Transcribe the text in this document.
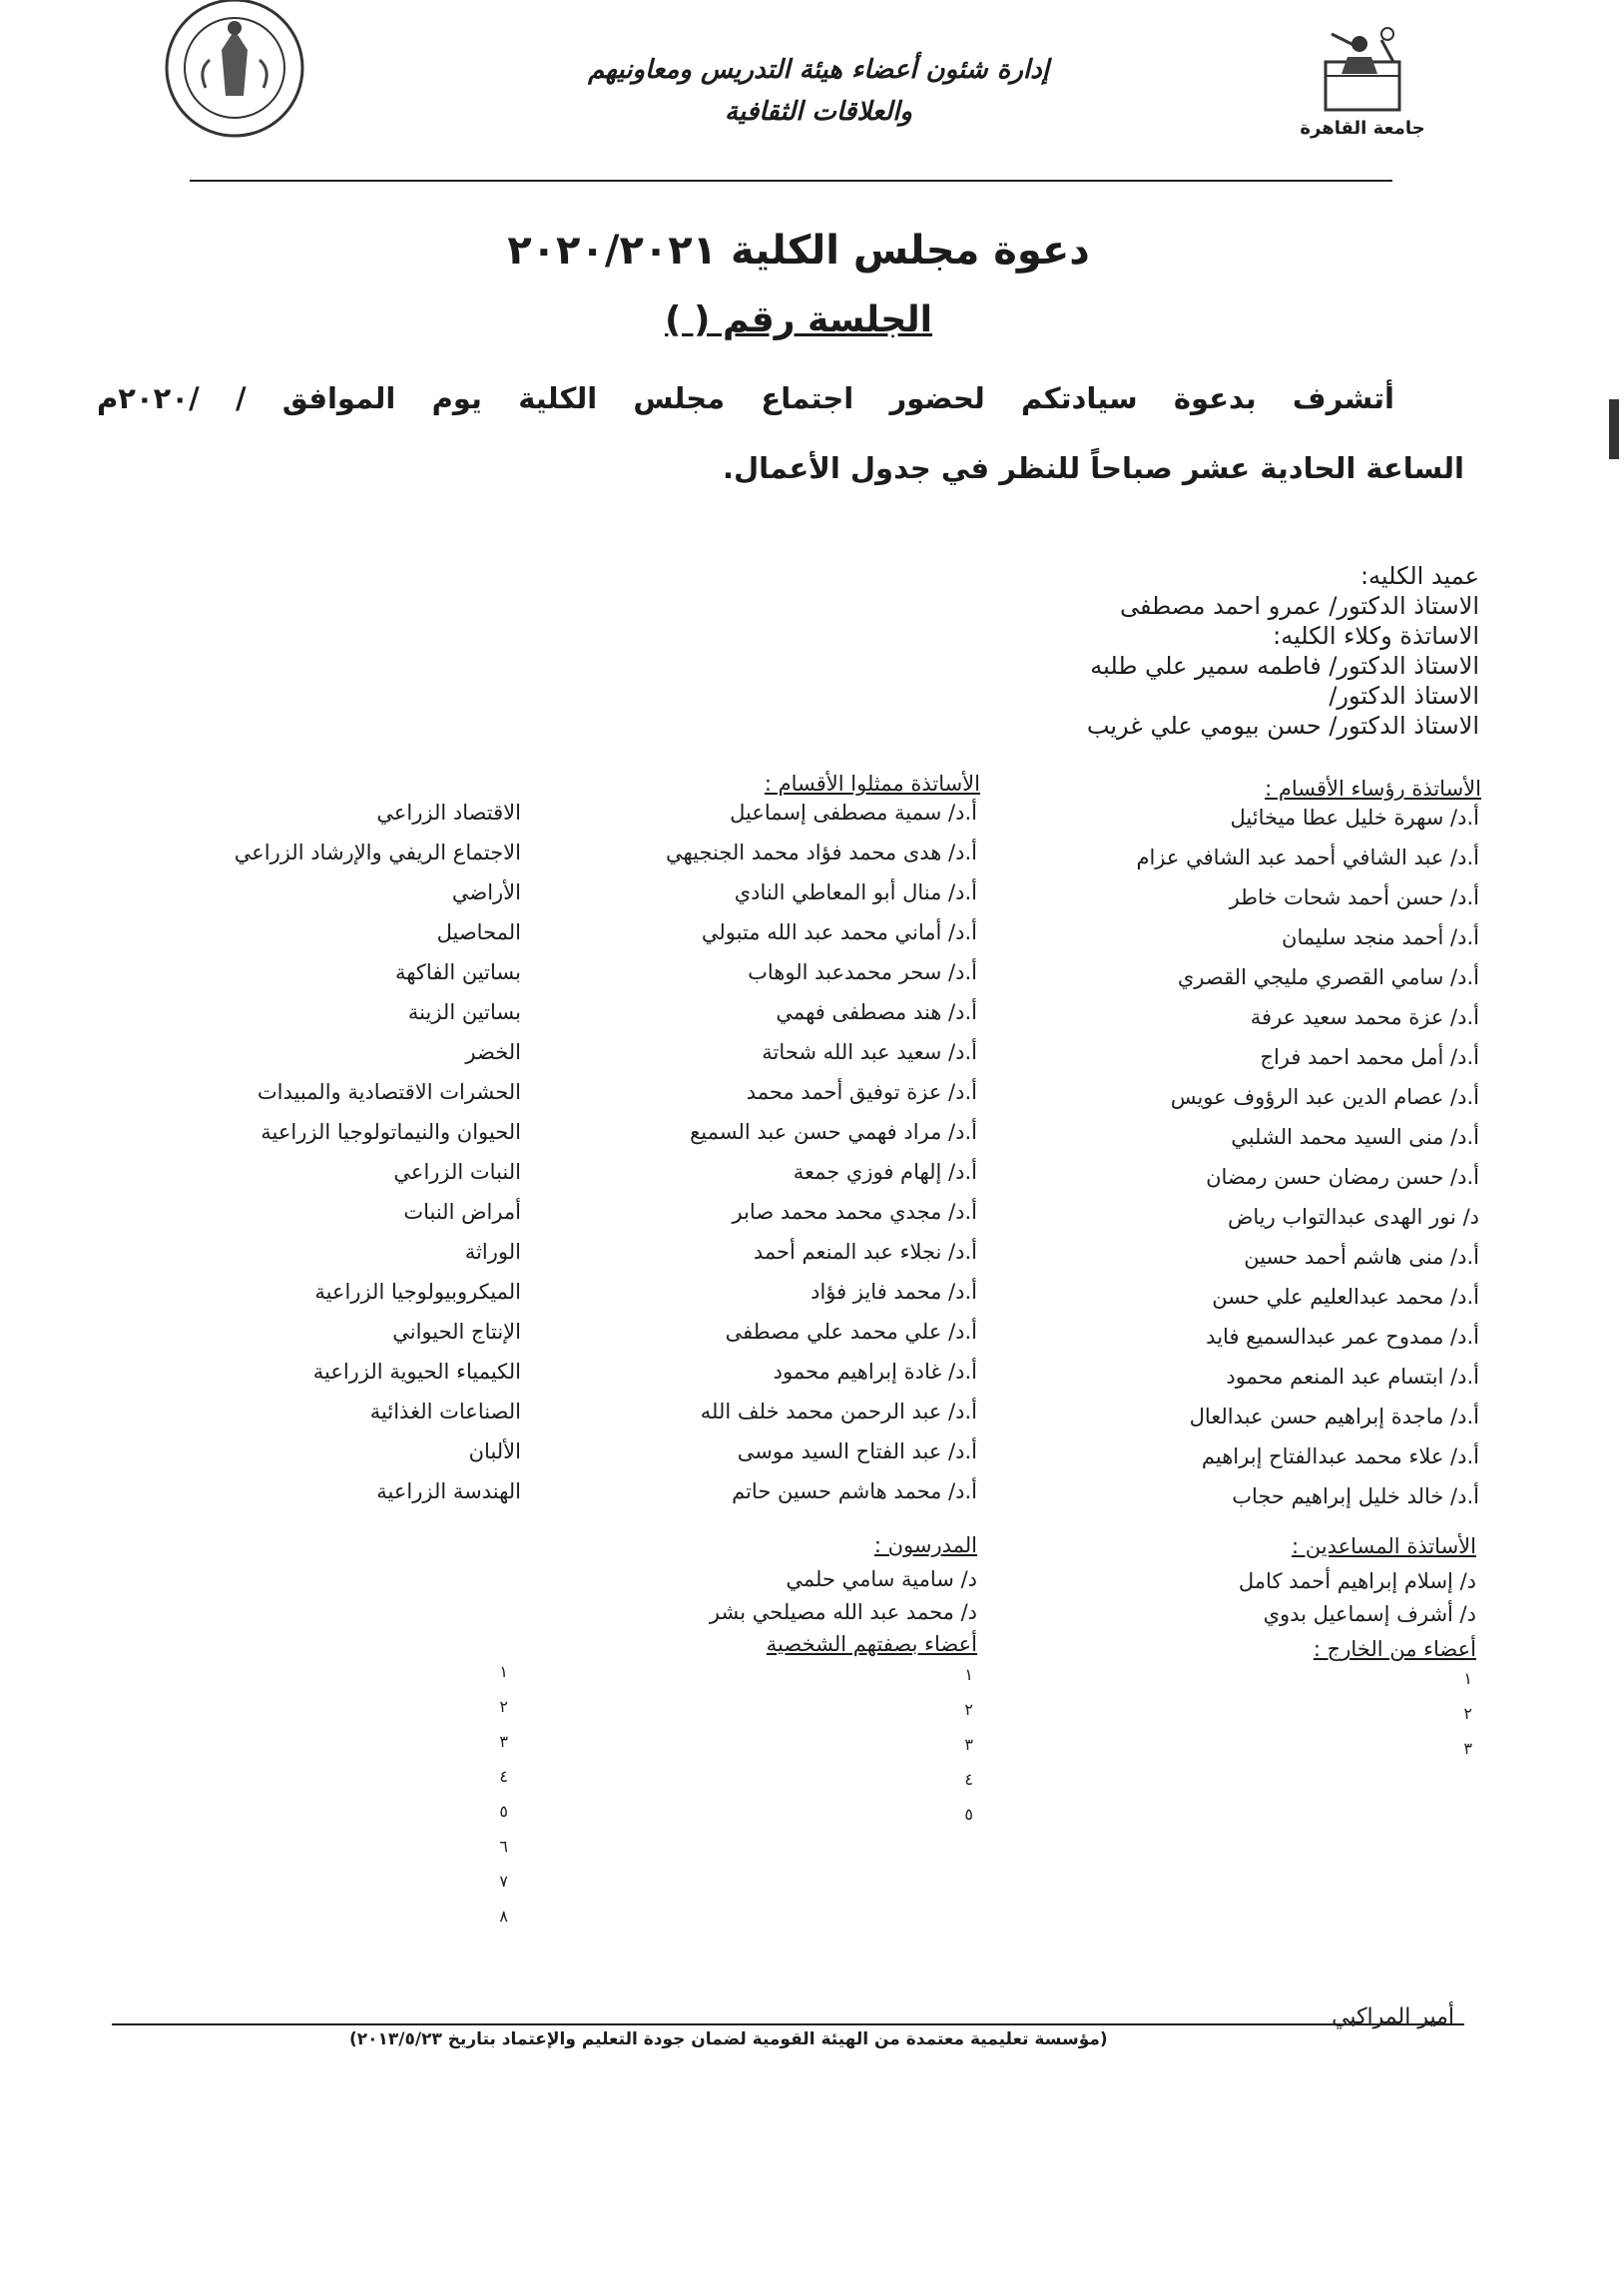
جامعة القاهرة
إدارة شئون أعضاء هيئة التدريس ومعاونيهم
والعلاقات الثقافية
دعوة مجلس الكلية ٢٠٢٠/٢٠٢١
الجلسة رقم ( )
أتشرف بدعوة سيادتكم لحضور اجتماع مجلس الكلية يوم الموافق / /٢٠٢٠م
الساعة الحادية عشر صباحاً للنظر في جدول الأعمال.
عميد الكليه:
الاستاذ الدكتور/ عمرو احمد مصطفى
الاساتذة وكلاء الكليه:
الاستاذ الدكتور/ فاطمه سمير علي طلبه
الاستاذ الدكتور/
الاستاذ الدكتور/ حسن بيومي علي غريب
الأساتذة رؤساء الأقسام :
الأساتذة ممثلوا الأقسام :
أ.د/ سهرة خليل عطا ميخائيل
أ.د/ عبد الشافي أحمد عبد الشافي عزام
أ.د/ حسن أحمد شحات خاطر
أ.د/ أحمد منجد سليمان
أ.د/ سامي القصري مليجي القصري
أ.د/ عزة محمد سعيد عرفة
أ.د/ أمل محمد احمد فراج
أ.د/ عصام الدين عبد الرؤوف عويس
أ.د/ منى السيد محمد الشلبي
أ.د/ حسن رمضان حسن رمضان
د/ نور الهدى عبدالتواب رياض
أ.د/ منى هاشم أحمد حسين
أ.د/ محمد عبدالعليم علي حسن
أ.د/ ممدوح عمر عبدالسميع فايد
أ.د/ ابتسام عبد المنعم محمود
أ.د/ ماجدة إبراهيم حسن عبدالعال
أ.د/ علاء محمد عبدالفتاح إبراهيم
أ.د/ خالد خليل إبراهيم حجاب
أ.د/ سمية مصطفى إسماعيل
أ.د/ هدى محمد فؤاد محمد الجنجيهي
أ.د/ منال أبو المعاطي النادي
أ.د/ أماني محمد عبد الله متبولي
أ.د/ سحر محمدعبد الوهاب
أ.د/ هند مصطفى فهمي
أ.د/ سعيد عبد الله شحاتة
أ.د/ عزة توفيق أحمد محمد
أ.د/ مراد فهمي حسن عبد السميع
أ.د/ إلهام فوزي جمعة
أ.د/ مجدي محمد محمد صابر
أ.د/ نجلاء عبد المنعم أحمد
أ.د/ محمد فايز فؤاد
أ.د/ علي محمد علي مصطفى
أ.د/ غادة إبراهيم محمود
أ.د/ عبد الرحمن محمد خلف الله
أ.د/ عبد الفتاح السيد موسى
أ.د/ محمد هاشم حسين حاتم
الاقتصاد الزراعي
الاجتماع الريفي والإرشاد الزراعي
الأراضي
المحاصيل
بساتين الفاكهة
بساتين الزينة
الخضر
الحشرات الاقتصادية والمبيدات
الحيوان والنيماتولوجيا الزراعية
النبات الزراعي
أمراض النبات
الوراثة
الميكروبيولوجيا الزراعية
الإنتاج الحيواني
الكيمياء الحيوية الزراعية
الصناعات الغذائية
الألبان
الهندسة الزراعية
الأساتذة المساعدين :
د/ إسلام إبراهيم أحمد كامل
د/ أشرف إسماعيل بدوي
أعضاء من الخارج :
المدرسون :
د/ سامية سامي حلمي
د/ محمد عبد الله مصيلحي بشر
أعضاء بصفتهم الشخصية
١
٢
٣
١
٢
٣
٤
٥
١
٢
٣
٤
٥
٦
٧
٨
أمير المراكبي
(مؤسسة تعليمية معتمدة من الهيئة القومية لضمان جودة التعليم والإعتماد بتاريخ ٢٠١٣/٥/٢٣)
